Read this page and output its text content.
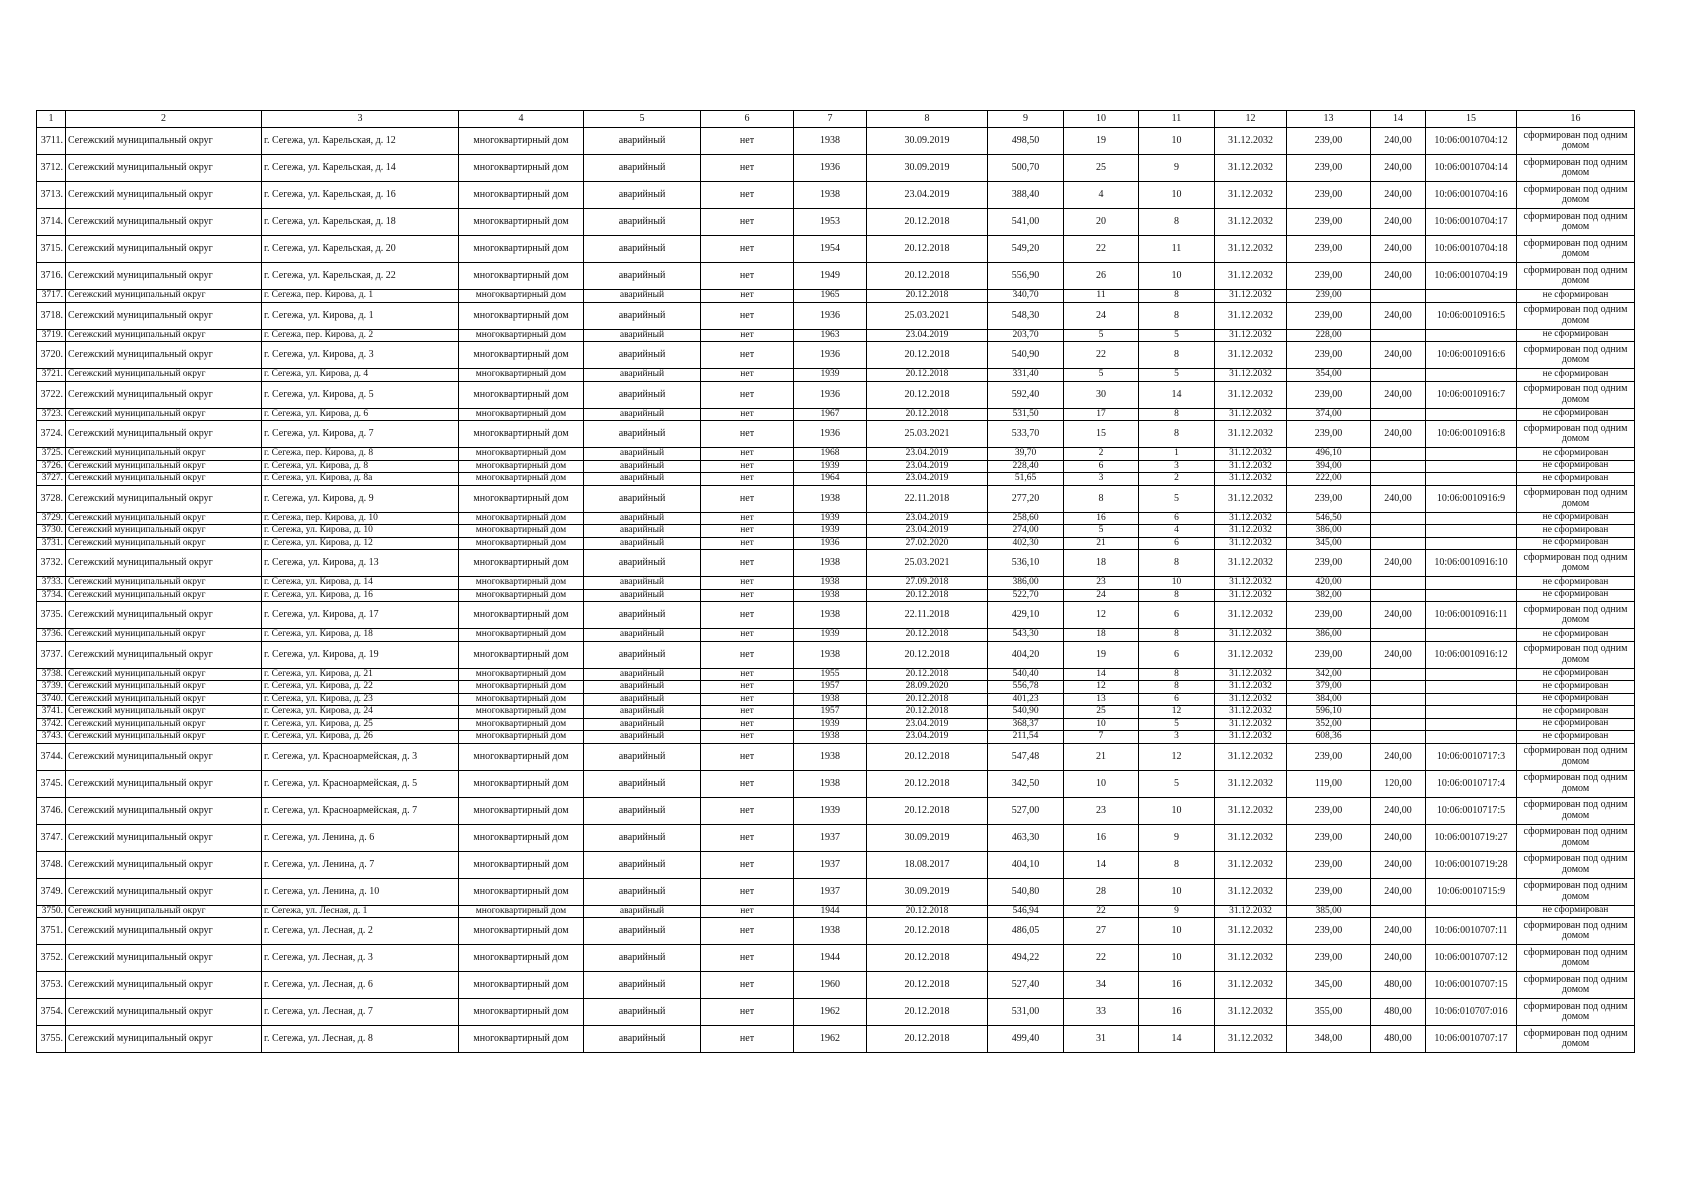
1	2	3	4	5	6	7	8	9	10	11	12	13	14	15	16
3711.	Сегежский муниципальный округ	г. Сегежа, ул. Карельская, д. 12	многоквартирный дом	аварийный	нет	1938	30.09.2019	498,50	19	10	31.12.2032	239,00	240,00	10:06:0010704:12	сформирован под одним домом
3712.	Сегежский муниципальный округ	г. Сегежа, ул. Карельская, д. 14	многоквартирный дом	аварийный	нет	1936	30.09.2019	500,70	25	9	31.12.2032	239,00	240,00	10:06:0010704:14	сформирован под одним домом
3713.	Сегежский муниципальный округ	г. Сегежа, ул. Карельская, д. 16	многоквартирный дом	аварийный	нет	1938	23.04.2019	388,40	4	10	31.12.2032	239,00	240,00	10:06:0010704:16	сформирован под одним домом
3714.	Сегежский муниципальный округ	г. Сегежа, ул. Карельская, д. 18	многоквартирный дом	аварийный	нет	1953	20.12.2018	541,00	20	8	31.12.2032	239,00	240,00	10:06:0010704:17	сформирован под одним домом
3715.	Сегежский муниципальный округ	г. Сегежа, ул. Карельская, д. 20	многоквартирный дом	аварийный	нет	1954	20.12.2018	549,20	22	11	31.12.2032	239,00	240,00	10:06:0010704:18	сформирован под одним домом
3716.	Сегежский муниципальный округ	г. Сегежа, ул. Карельская, д. 22	многоквартирный дом	аварийный	нет	1949	20.12.2018	556,90	26	10	31.12.2032	239,00	240,00	10:06:0010704:19	сформирован под одним домом
3717.	Сегежский муниципальный округ	г. Сегежа, пер. Кирова, д. 1	многоквартирный дом	аварийный	нет	1965	20.12.2018	340,70	11	8	31.12.2032	239,00			не сформирован
3718.	Сегежский муниципальный округ	г. Сегежа, ул. Кирова, д. 1	многоквартирный дом	аварийный	нет	1936	25.03.2021	548,30	24	8	31.12.2032	239,00	240,00	10:06:0010916:5	сформирован под одним домом
3719.	Сегежский муниципальный округ	г. Сегежа, пер. Кирова, д. 2	многоквартирный дом	аварийный	нет	1963	23.04.2019	203,70	5	5	31.12.2032	228,00			не сформирован
3720.	Сегежский муниципальный округ	г. Сегежа, ул. Кирова, д. 3	многоквартирный дом	аварийный	нет	1936	20.12.2018	540,90	22	8	31.12.2032	239,00	240,00	10:06:0010916:6	сформирован под одним домом
3721.	Сегежский муниципальный округ	г. Сегежа, ул. Кирова, д. 4	многоквартирный дом	аварийный	нет	1939	20.12.2018	331,40	5	5	31.12.2032	354,00			не сформирован
3722.	Сегежский муниципальный округ	г. Сегежа, ул. Кирова, д. 5	многоквартирный дом	аварийный	нет	1936	20.12.2018	592,40	30	14	31.12.2032	239,00	240,00	10:06:0010916:7	сформирован под одним домом
3723.	Сегежский муниципальный округ	г. Сегежа, ул. Кирова, д. 6	многоквартирный дом	аварийный	нет	1967	20.12.2018	531,50	17	8	31.12.2032	374,00			не сформирован
3724.	Сегежский муниципальный округ	г. Сегежа, ул. Кирова, д. 7	многоквартирный дом	аварийный	нет	1936	25.03.2021	533,70	15	8	31.12.2032	239,00	240,00	10:06:0010916:8	сформирован под одним домом
3725.	Сегежский муниципальный округ	г. Сегежа, пер. Кирова, д. 8	многоквартирный дом	аварийный	нет	1968	23.04.2019	39,70	2	1	31.12.2032	496,10			не сформирован
3726.	Сегежский муниципальный округ	г. Сегежа, ул. Кирова, д. 8	многоквартирный дом	аварийный	нет	1939	23.04.2019	228,40	6	3	31.12.2032	394,00			не сформирован
3727.	Сегежский муниципальный округ	г. Сегежа, ул. Кирова, д. 8а	многоквартирный дом	аварийный	нет	1964	23.04.2019	51,65	3	2	31.12.2032	222,00			не сформирован
3728.	Сегежский муниципальный округ	г. Сегежа, ул. Кирова, д. 9	многоквартирный дом	аварийный	нет	1938	22.11.2018	277,20	8	5	31.12.2032	239,00	240,00	10:06:0010916:9	сформирован под одним домом
3729.	Сегежский муниципальный округ	г. Сегежа, пер. Кирова, д. 10	многоквартирный дом	аварийный	нет	1939	23.04.2019	258,60	16	6	31.12.2032	546,50			не сформирован
3730.	Сегежский муниципальный округ	г. Сегежа, ул. Кирова, д. 10	многоквартирный дом	аварийный	нет	1939	23.04.2019	274,00	5	4	31.12.2032	386,00			не сформирован
3731.	Сегежский муниципальный округ	г. Сегежа, ул. Кирова, д. 12	многоквартирный дом	аварийный	нет	1936	27.02.2020	402,30	21	6	31.12.2032	345,00			не сформирован
3732.	Сегежский муниципальный округ	г. Сегежа, ул. Кирова, д. 13	многоквартирный дом	аварийный	нет	1938	25.03.2021	536,10	18	8	31.12.2032	239,00	240,00	10:06:0010916:10	сформирован под одним домом
3733.	Сегежский муниципальный округ	г. Сегежа, ул. Кирова, д. 14	многоквартирный дом	аварийный	нет	1938	27.09.2018	386,00	23	10	31.12.2032	420,00			не сформирован
3734.	Сегежский муниципальный округ	г. Сегежа, ул. Кирова, д. 16	многоквартирный дом	аварийный	нет	1938	20.12.2018	522,70	24	8	31.12.2032	382,00			не сформирован
3735.	Сегежский муниципальный округ	г. Сегежа, ул. Кирова, д. 17	многоквартирный дом	аварийный	нет	1938	22.11.2018	429,10	12	6	31.12.2032	239,00	240,00	10:06:0010916:11	сформирован под одним домом
3736.	Сегежский муниципальный округ	г. Сегежа, ул. Кирова, д. 18	многоквартирный дом	аварийный	нет	1939	20.12.2018	543,30	18	8	31.12.2032	386,00			не сформирован
3737.	Сегежский муниципальный округ	г. Сегежа, ул. Кирова, д. 19	многоквартирный дом	аварийный	нет	1938	20.12.2018	404,20	19	6	31.12.2032	239,00	240,00	10:06:0010916:12	сформирован под одним домом
3738.	Сегежский муниципальный округ	г. Сегежа, ул. Кирова, д. 21	многоквартирный дом	аварийный	нет	1955	20.12.2018	540,40	14	8	31.12.2032	342,00			не сформирован
3739.	Сегежский муниципальный округ	г. Сегежа, ул. Кирова, д. 22	многоквартирный дом	аварийный	нет	1957	28.09.2020	556,78	12	8	31.12.2032	379,00			не сформирован
3740.	Сегежский муниципальный округ	г. Сегежа, ул. Кирова, д. 23	многоквартирный дом	аварийный	нет	1938	20.12.2018	401,23	13	6	31.12.2032	384,00			не сформирован
3741.	Сегежский муниципальный округ	г. Сегежа, ул. Кирова, д. 24	многоквартирный дом	аварийный	нет	1957	20.12.2018	540,90	25	12	31.12.2032	596,10			не сформирован
3742.	Сегежский муниципальный округ	г. Сегежа, ул. Кирова, д. 25	многоквартирный дом	аварийный	нет	1939	23.04.2019	368,37	10	5	31.12.2032	352,00			не сформирован
3743.	Сегежский муниципальный округ	г. Сегежа, ул. Кирова, д. 26	многоквартирный дом	аварийный	нет	1938	23.04.2019	211,54	7	3	31.12.2032	608,36			не сформирован
3744.	Сегежский муниципальный округ	г. Сегежа, ул. Красноармейская, д. 3	многоквартирный дом	аварийный	нет	1938	20.12.2018	547,48	21	12	31.12.2032	239,00	240,00	10:06:0010717:3	сформирован под одним домом
3745.	Сегежский муниципальный округ	г. Сегежа, ул. Красноармейская, д. 5	многоквартирный дом	аварийный	нет	1938	20.12.2018	342,50	10	5	31.12.2032	119,00	120,00	10:06:0010717:4	сформирован под одним домом
3746.	Сегежский муниципальный округ	г. Сегежа, ул. Красноармейская, д. 7	многоквартирный дом	аварийный	нет	1939	20.12.2018	527,00	23	10	31.12.2032	239,00	240,00	10:06:0010717:5	сформирован под одним домом
3747.	Сегежский муниципальный округ	г. Сегежа, ул. Ленина, д. 6	многоквартирный дом	аварийный	нет	1937	30.09.2019	463,30	16	9	31.12.2032	239,00	240,00	10:06:0010719:27	сформирован под одним домом
3748.	Сегежский муниципальный округ	г. Сегежа, ул. Ленина, д. 7	многоквартирный дом	аварийный	нет	1937	18.08.2017	404,10	14	8	31.12.2032	239,00	240,00	10:06:0010719:28	сформирован под одним домом
3749.	Сегежский муниципальный округ	г. Сегежа, ул. Ленина, д. 10	многоквартирный дом	аварийный	нет	1937	30.09.2019	540,80	28	10	31.12.2032	239,00	240,00	10:06:0010715:9	сформирован под одним домом
3750.	Сегежский муниципальный округ	г. Сегежа, ул. Лесная, д. 1	многоквартирный дом	аварийный	нет	1944	20.12.2018	546,94	22	9	31.12.2032	385,00			не сформирован
3751.	Сегежский муниципальный округ	г. Сегежа, ул. Лесная, д. 2	многоквартирный дом	аварийный	нет	1938	20.12.2018	486,05	27	10	31.12.2032	239,00	240,00	10:06:0010707:11	сформирован под одним домом
3752.	Сегежский муниципальный округ	г. Сегежа, ул. Лесная, д. 3	многоквартирный дом	аварийный	нет	1944	20.12.2018	494,22	22	10	31.12.2032	239,00	240,00	10:06:0010707:12	сформирован под одним домом
3753.	Сегежский муниципальный округ	г. Сегежа, ул. Лесная, д. 6	многоквартирный дом	аварийный	нет	1960	20.12.2018	527,40	34	16	31.12.2032	345,00	480,00	10:06:0010707:15	сформирован под одним домом
3754.	Сегежский муниципальный округ	г. Сегежа, ул. Лесная, д. 7	многоквартирный дом	аварийный	нет	1962	20.12.2018	531,00	33	16	31.12.2032	355,00	480,00	10:06:010707:016	сформирован под одним домом
3755.	Сегежский муниципальный округ	г. Сегежа, ул. Лесная, д. 8	многоквартирный дом	аварийный	нет	1962	20.12.2018	499,40	31	14	31.12.2032	348,00	480,00	10:06:0010707:17	сформирован под одним домом
